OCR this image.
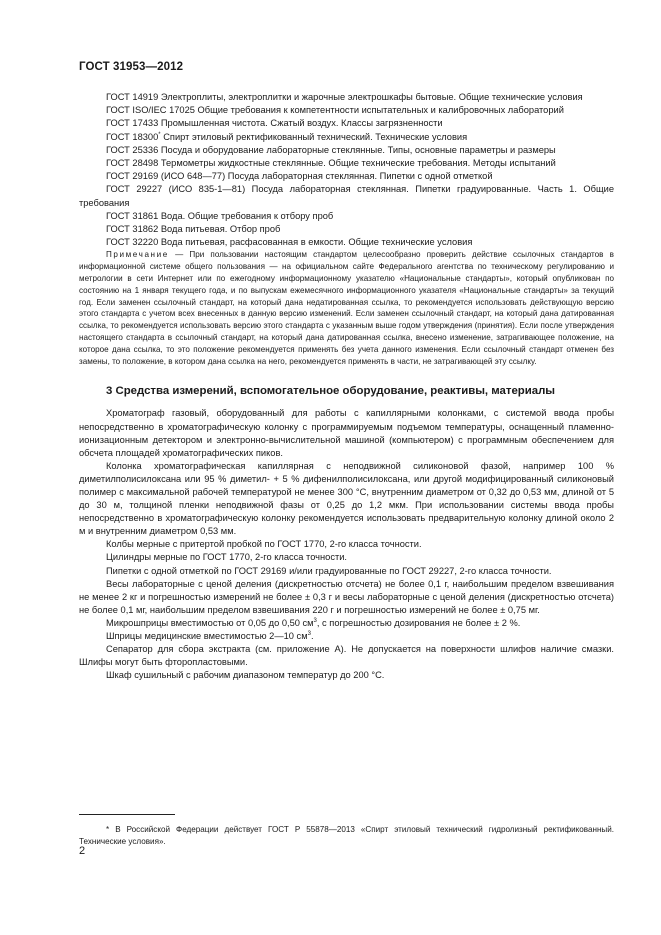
ГОСТ 31953—2012

ГОСТ 14919 Электроплиты, электроплитки и жарочные электрошкафы бытовые. Общие технические условия

ГОСТ ISO/IEC 17025 Общие требования к компетентности испытательных и калибровочных лабораторий

ГОСТ 17433 Промышленная чистота. Сжатый воздух. Классы загрязненности

ГОСТ 18300* Спирт этиловый ректификованный технический. Технические условия

ГОСТ 25336 Посуда и оборудование лабораторные стеклянные. Типы, основные параметры и размеры

ГОСТ 28498 Термометры жидкостные стеклянные. Общие технические требования. Методы испытаний

ГОСТ 29169 (ИСО 648—77) Посуда лабораторная стеклянная. Пипетки с одной отметкой

ГОСТ 29227 (ИСО 835-1—81) Посуда лабораторная стеклянная. Пипетки градуированные. Часть 1. Общие требования

ГОСТ 31861 Вода. Общие требования к отбору проб

ГОСТ 31862 Вода питьевая. Отбор проб

ГОСТ 32220 Вода питьевая, расфасованная в емкости. Общие технические условия

Примечание — При пользовании настоящим стандартом целесообразно проверить действие ссылочных стандартов в информационной системе общего пользования — на официальном сайте Федерального агентства по техническому регулированию и метрологии в сети Интернет или по ежегодному информационному указателю «Национальные стандарты», который опубликован по состоянию на 1 января текущего года, и по выпускам ежемесячного информационного указателя «Национальные стандарты» за текущий год. Если заменен ссылочный стандарт, на который дана недатированная ссылка, то рекомендуется использовать действующую версию этого стандарта с учетом всех внесенных в данную версию изменений. Если заменен ссылочный стандарт, на который дана датированная ссылка, то рекомендуется использовать версию этого стандарта с указанным выше годом утверждения (принятия). Если после утверждения настоящего стандарта в ссылочный стандарт, на который дана датированная ссылка, внесено изменение, затрагивающее положение, на которое дана ссылка, то это положение рекомендуется применять без учета данного изменения. Если ссылочный стандарт отменен без замены, то положение, в котором дана ссылка на него, рекомендуется применять в части, не затрагивающей эту ссылку.

3 Средства измерений, вспомогательное оборудование, реактивы, материалы

Хроматограф газовый, оборудованный для работы с капиллярными колонками, с системой ввода пробы непосредственно в хроматографическую колонку с программируемым подъемом температуры, оснащенный пламенно-ионизационным детектором и электронно-вычислительной машиной (компьютером) с программным обеспечением для обсчета площадей хроматографических пиков.

Колонка хроматографическая капиллярная с неподвижной силиконовой фазой, например 100 % диметилполисилоксана или 95 % диметил- + 5 % дифенилполисилоксана, или другой модифицированный силиконовый полимер с максимальной рабочей температурой не менее 300 °С, внутренним диаметром от 0,32 до 0,53 мм, длиной от 5 до 30 м, толщиной пленки неподвижной фазы от 0,25 до 1,2 мкм. При использовании системы ввода пробы непосредственно в хроматографическую колонку рекомендуется использовать предварительную колонку длиной около 2 м и внутренним диаметром 0,53 мм.

Колбы мерные с притертой пробкой по ГОСТ 1770, 2-го класса точности.

Цилиндры мерные по ГОСТ 1770, 2-го класса точности.

Пипетки с одной отметкой по ГОСТ 29169 и/или градуированные по ГОСТ 29227, 2-го класса точности.

Весы лабораторные с ценой деления (дискретностью отсчета) не более 0,1 г, наибольшим пределом взвешивания не менее 2 кг и погрешностью измерений не более ± 0,3 г и весы лабораторные с ценой деления (дискретностью отсчета) не более 0,1 мг, наибольшим пределом взвешивания 220 г и погрешностью измерений не более ± 0,75 мг.

Микрошприцы вместимостью от 0,05 до 0,50 $см^3$, с погрешностью дозирования не более ± 2 %.

Шприцы медицинские вместимостью 2—10 $см^3$.

Сепаратор для сбора экстракта (см. приложение А). Не допускается на поверхности шлифов наличие смазки. Шлифы могут быть фторопластовыми.

Шкаф сушильный с рабочим диапазоном температур до 200 °С.

* В Российской Федерации действует ГОСТ Р 55878—2013 «Спирт этиловый технический гидролизный ректификованный. Технические условия».

2
